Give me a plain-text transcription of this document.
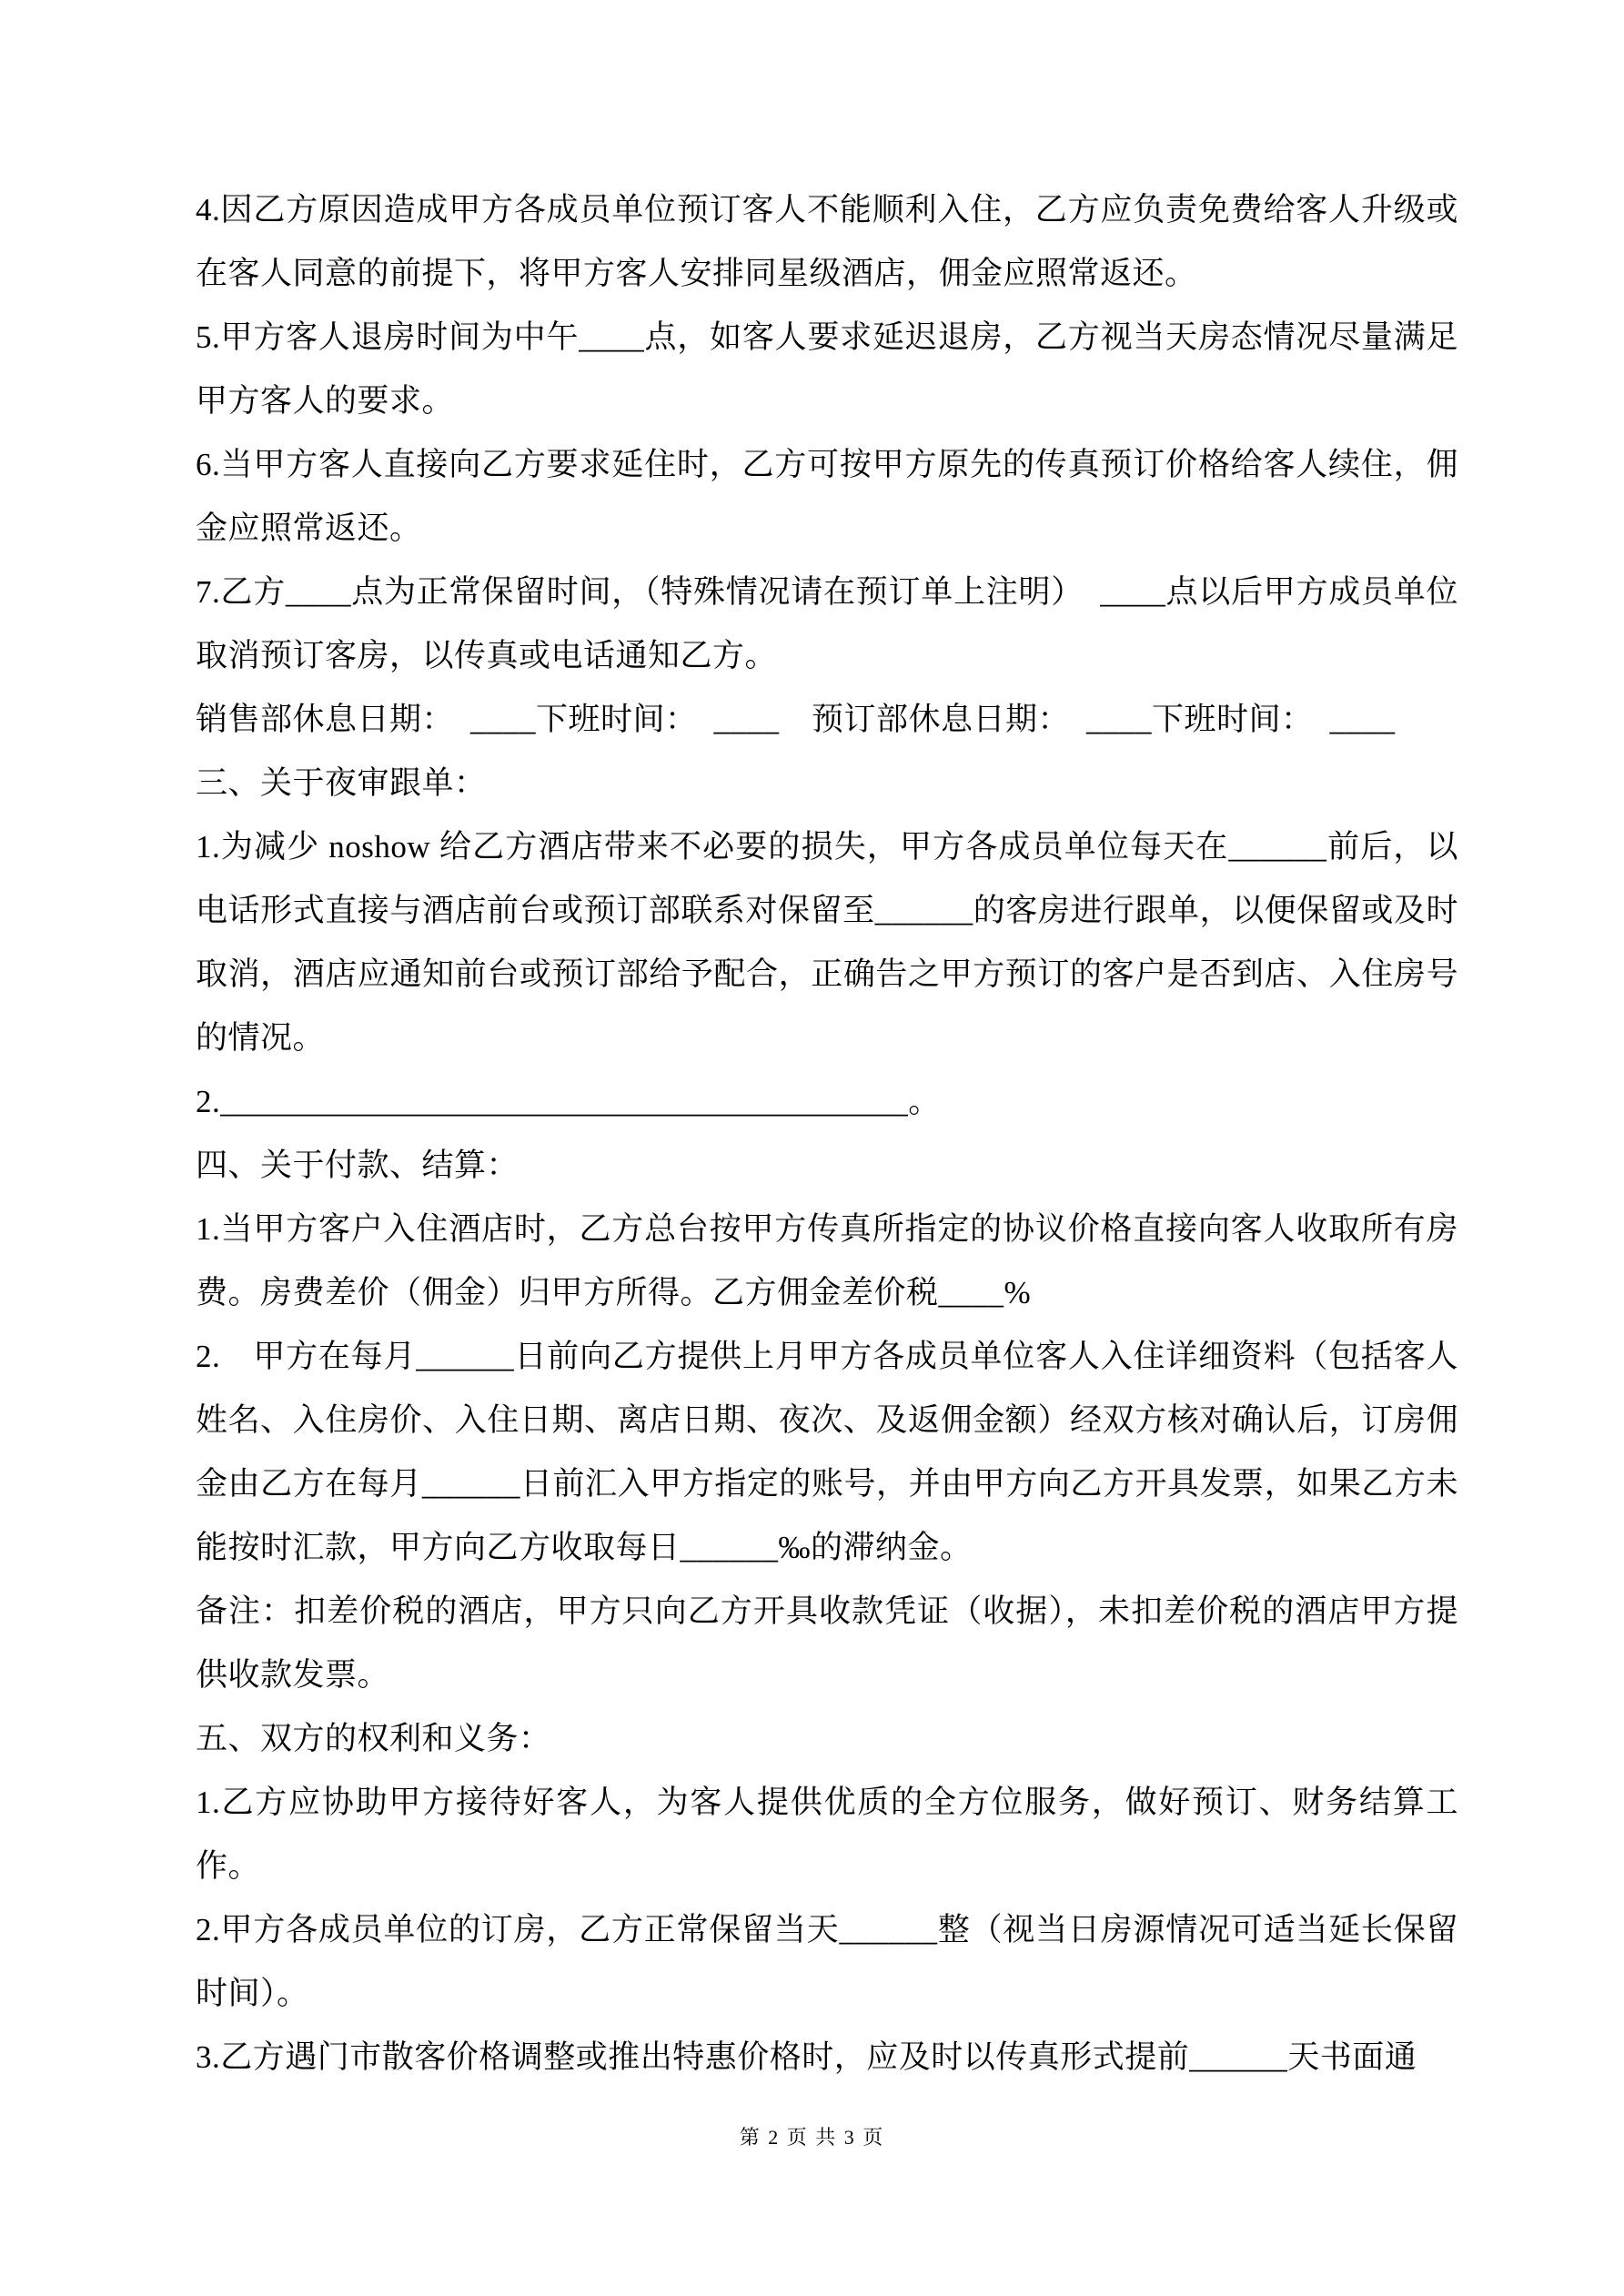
4.因乙方原因造成甲方各成员单位预订客人不能顺利入住，乙方应负责免费给客人升级或在客人同意的前提下，将甲方客人安排同星级酒店，佣金应照常返还。

5.甲方客人退房时间为中午____点，如客人要求延迟退房，乙方视当天房态情况尽量满足甲方客人的要求。

6.当甲方客人直接向乙方要求延住时，乙方可按甲方原先的传真预订价格给客人续住，佣金应照常返还。

7.乙方____点为正常保留时间，（特殊情况请在预订单上注明）　____点以后甲方成员单位取消预订客房，以传真或电话通知乙方。

销售部休息日期：　____下班时间：　____　预订部休息日期：　____下班时间：　____

三、关于夜审跟单：

1.为减少 noshow 给乙方酒店带来不必要的损失，甲方各成员单位每天在______前后，以电话形式直接与酒店前台或预订部联系对保留至______的客房进行跟单，以便保留或及时取消，酒店应通知前台或预订部给予配合，正确告之甲方预订的客户是否到店、入住房号的情况。

2.__________________________________________。

四、关于付款、结算：

1.当甲方客户入住酒店时，乙方总台按甲方传真所指定的协议价格直接向客人收取所有房费。房费差价（佣金）归甲方所得。乙方佣金差价税____%

2.　甲方在每月______日前向乙方提供上月甲方各成员单位客人入住详细资料（包括客人姓名、入住房价、入住日期、离店日期、夜次、及返佣金额）经双方核对确认后，订房佣金由乙方在每月______日前汇入甲方指定的账号，并由甲方向乙方开具发票，如果乙方未能按时汇款，甲方向乙方收取每日______‰的滞纳金。

备注：扣差价税的酒店，甲方只向乙方开具收款凭证（收据），未扣差价税的酒店甲方提供收款发票。

五、双方的权利和义务：

1.乙方应协助甲方接待好客人，为客人提供优质的全方位服务，做好预订、财务结算工作。

2.甲方各成员单位的订房，乙方正常保留当天______整（视当日房源情况可适当延长保留时间）。

3.乙方遇门市散客价格调整或推出特惠价格时，应及时以传真形式提前______天书面通

第 2 页 共 3 页
